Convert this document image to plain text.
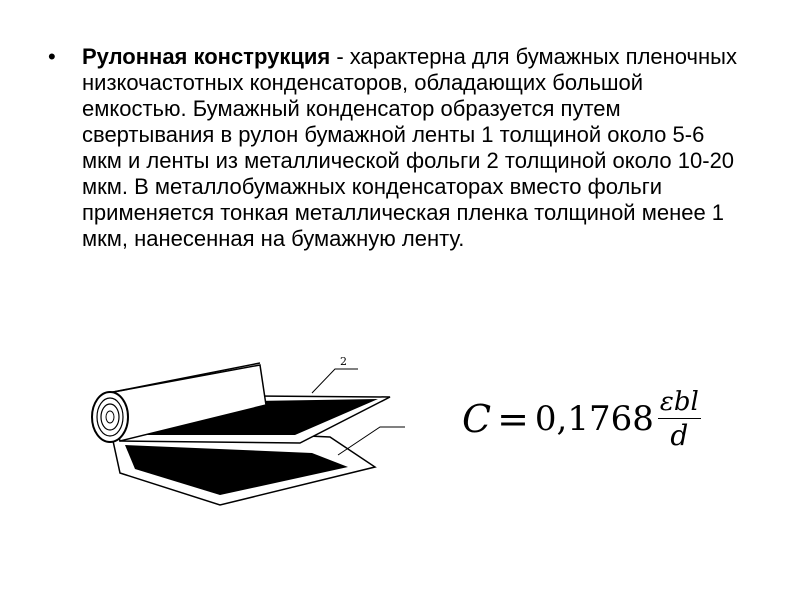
• Рулонная конструкция - характерна для бумажных пленочных низкочастотных конденсаторов, обладающих большой емкостью. Бумажный конденсатор образуется путем свертывания в рулон бумажной ленты 1 толщиной около 5-6 мкм и ленты из металлической фольги 2 толщиной около 10-20 мкм. В металлобумажных конденсаторах вместо фольги применяется тонкая металлическая пленка толщиной менее 1 мкм, нанесенная на бумажную ленту.

2
$C = 0,1768 \frac{\text{εbl}}{d}$
